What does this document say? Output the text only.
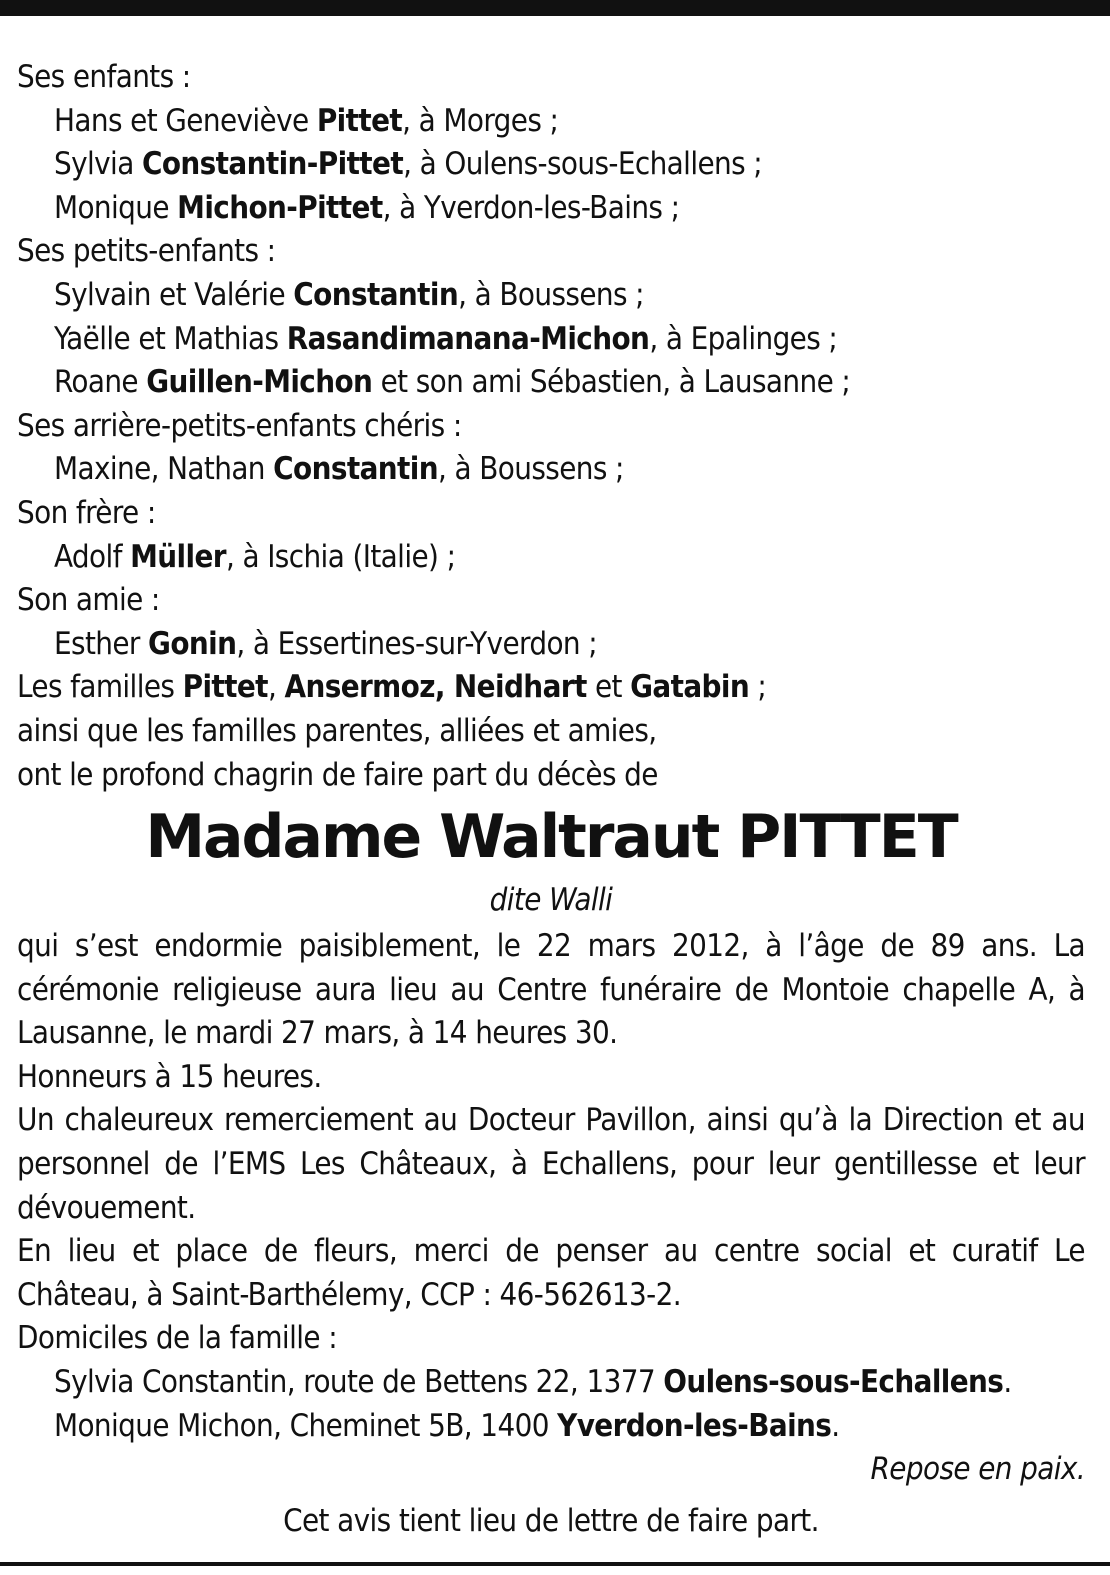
Ses enfants :
Hans et Geneviève Pittet, à Morges ;
Sylvia Constantin-Pittet, à Oulens-sous-Echallens ;
Monique Michon-Pittet, à Yverdon-les-Bains ;
Ses petits-enfants :
Sylvain et Valérie Constantin, à Boussens ;
Yaëlle et Mathias Rasandimanana-Michon, à Epalinges ;
Roane Guillen-Michon et son ami Sébastien, à Lausanne ;
Ses arrière-petits-enfants chéris :
Maxine, Nathan Constantin, à Boussens ;
Son frère :
Adolf Müller, à Ischia (Italie) ;
Son amie :
Esther Gonin, à Essertines-sur-Yverdon ;
Les familles Pittet, Ansermoz, Neidhart et Gatabin ;
ainsi que les familles parentes, alliées et amies,
ont le profond chagrin de faire part du décès de
Madame Waltraut PITTET
dite Walli

qui s’est endormie paisiblement, le 22 mars 2012, à l’âge de 89 ans. La cérémonie religieuse aura lieu au Centre funéraire de Montoie chapelle A, à Lausanne, le mardi 27 mars, à 14 heures 30.

Honneurs à 15 heures.

Un chaleureux remerciement au Docteur Pavillon, ainsi qu’à la Direction et au personnel de l’EMS Les Châteaux, à Echallens, pour leur gentillesse et leur dévouement.

En lieu et place de fleurs, merci de penser au centre social et curatif Le Château, à Saint-Barthélemy, CCP : 46-562613-2.

Domiciles de la famille :
Sylvia Constantin, route de Bettens 22, 1377 Oulens-sous-Echallens.
Monique Michon, Cheminet 5B, 1400 Yverdon-les-Bains.
Repose en paix.
Cet avis tient lieu de lettre de faire part.
